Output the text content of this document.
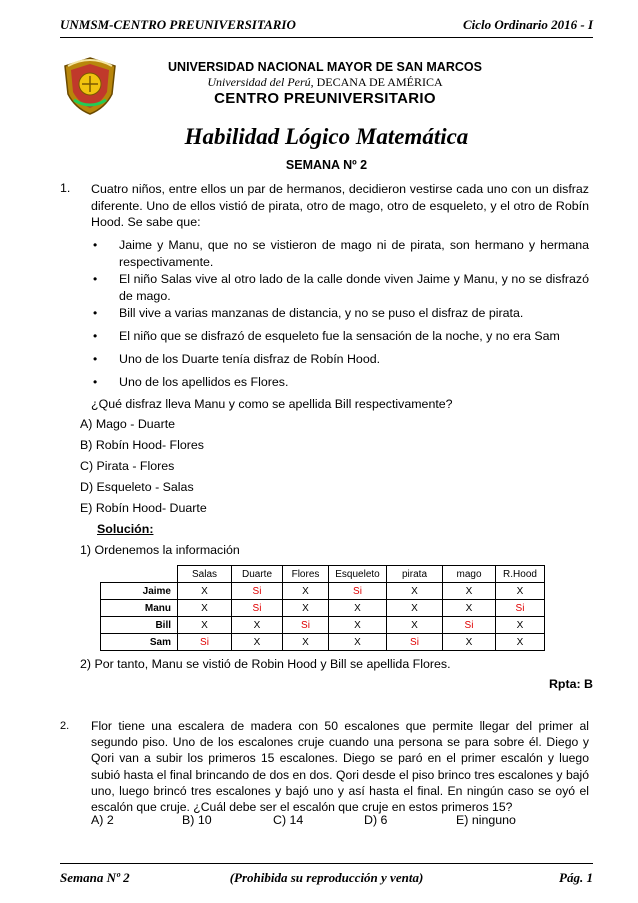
UNMSM-CENTRO PREUNIVERSITARIO	Ciclo Ordinario 2016 - I
UNIVERSIDAD NACIONAL MAYOR DE SAN MARCOS
Universidad del Perú, DECANA DE AMÉRICA
CENTRO PREUNIVERSITARIO
Habilidad Lógico Matemática
SEMANA Nº 2
1. Cuatro niños, entre ellos un par de hermanos, decidieron vestirse cada uno con un disfraz diferente. Uno de ellos vistió de pirata, otro de mago, otro de esqueleto, y el otro de Robín Hood. Se sabe que:
• Jaime y Manu, que no se vistieron de mago ni de pirata, son hermano y hermana respectivamente.
• El niño Salas vive al otro lado de la calle donde viven Jaime y Manu, y no se disfrazó de mago.
• Bill vive a varias manzanas de distancia, y no se puso el disfraz de pirata.
• El niño que se disfrazó de esqueleto fue la sensación de la noche, y no era Sam
• Uno de los Duarte tenía disfraz de Robín Hood.
• Uno de los apellidos es Flores.
¿Qué disfraz lleva Manu y como se apellida Bill respectivamente?
A) Mago - Duarte
B) Robín Hood- Flores
C) Pirata - Flores
D) Esqueleto - Salas
E) Robín Hood- Duarte
Solución:
1) Ordenemos la información
	Salas	Duarte	Flores	Esqueleto	pirata	mago	R.Hood
Jaime	X	Si	X	Si	X	X	X
Manu	X	Si	X	X	X	X	Si
Bill	X	X	Si	X	X	Si	X
Sam	Si	X	X	X	Si	X	X
2) Por tanto, Manu se vistió de Robin Hood y Bill se apellida Flores.
Rpta: B
2. Flor tiene una escalera de madera con 50 escalones que permite llegar del primer al segundo piso. Uno de los escalones cruje cuando una persona se para sobre él. Diego y Qori van a subir los primeros 15 escalones. Diego se paró en el primer escalón y luego subió hasta el final brincando de dos en dos. Qori desde el piso brinco tres escalones y bajó uno, luego brincó tres escalones y bajó uno y así hasta el final. En ningún caso se oyó el escalón que cruje. ¿Cuál debe ser el escalón que cruje en estos primeros 15?
A) 2	B) 10	C) 14	D) 6	E) ninguno
Semana Nº 2	(Prohibida su reproducción y venta)	Pág. 1
